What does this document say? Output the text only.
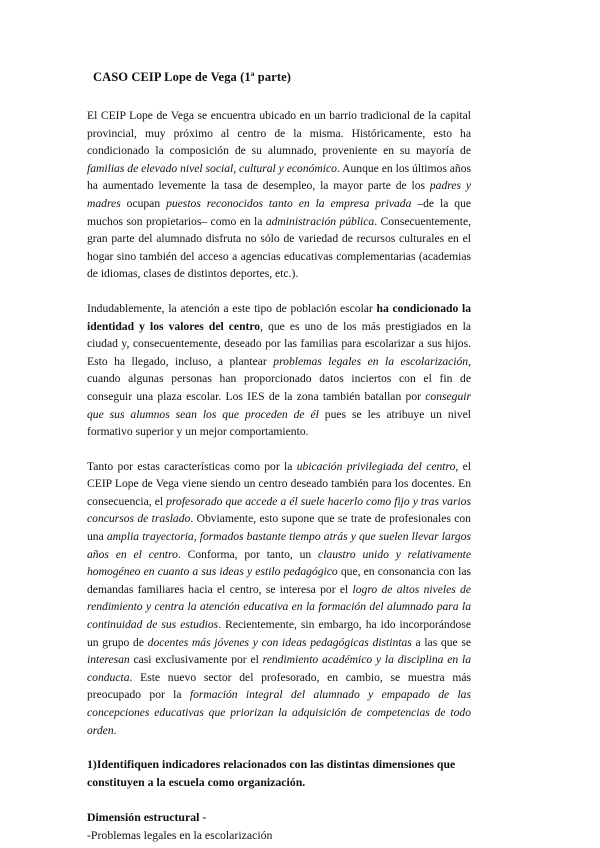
CASO CEIP Lope de Vega (1ª parte)

El CEIP Lope de Vega se encuentra ubicado en un barrio tradicional de la capital provincial, muy próximo al centro de la misma. Históricamente, esto ha condicionado la composición de su alumnado, proveniente en su mayoría de familias de elevado nivel social, cultural y económico. Aunque en los últimos años ha aumentado levemente la tasa de desempleo, la mayor parte de los padres y madres ocupan puestos reconocidos tanto en la empresa privada –de la que muchos son propietarios– como en la administración pública. Consecuentemente, gran parte del alumnado disfruta no sólo de variedad de recursos culturales en el hogar sino también del acceso a agencias educativas complementarias (academias de idiomas, clases de distintos deportes, etc.).

Indudablemente, la atención a este tipo de población escolar ha condicionado la identidad y los valores del centro, que es uno de los más prestigiados en la ciudad y, consecuentemente, deseado por las familias para escolarizar a sus hijos. Esto ha llegado, incluso, a plantear problemas legales en la escolarización, cuando algunas personas han proporcionado datos inciertos con el fin de conseguir una plaza escolar. Los IES de la zona también batallan por conseguir que sus alumnos sean los que proceden de él pues se les atribuye un nivel formativo superior y un mejor comportamiento.

Tanto por estas características como por la ubicación privilegiada del centro, el CEIP Lope de Vega viene siendo un centro deseado también para los docentes. En consecuencia, el profesorado que accede a él suele hacerlo como fijo y tras varios concursos de traslado. Obviamente, esto supone que se trate de profesionales con una amplia trayectoria, formados bastante tiempo atrás y que suelen llevar largos años en el centro. Conforma, por tanto, un claustro unido y relativamente homogéneo en cuanto a sus ideas y estilo pedagógico que, en consonancia con las demandas familiares hacia el centro, se interesa por el logro de altos niveles de rendimiento y centra la atención educativa en la formación del alumnado para la continuidad de sus estudios. Recientemente, sin embargo, ha ido incorporándose un grupo de docentes más jóvenes y con ideas pedagógicas distintas a las que se interesan casi exclusivamente por el rendimiento académico y la disciplina en la conducta. Este nuevo sector del profesorado, en cambio, se muestra más preocupado por la formación integral del alumnado y empapado de las concepciones educativas que priorizan la adquisición de competencias de todo orden.

1)Identifiquen indicadores relacionados con las distintas dimensiones que constituyen a la escuela como organización.

Dimensión estructural -
-Problemas legales en la escolarización
